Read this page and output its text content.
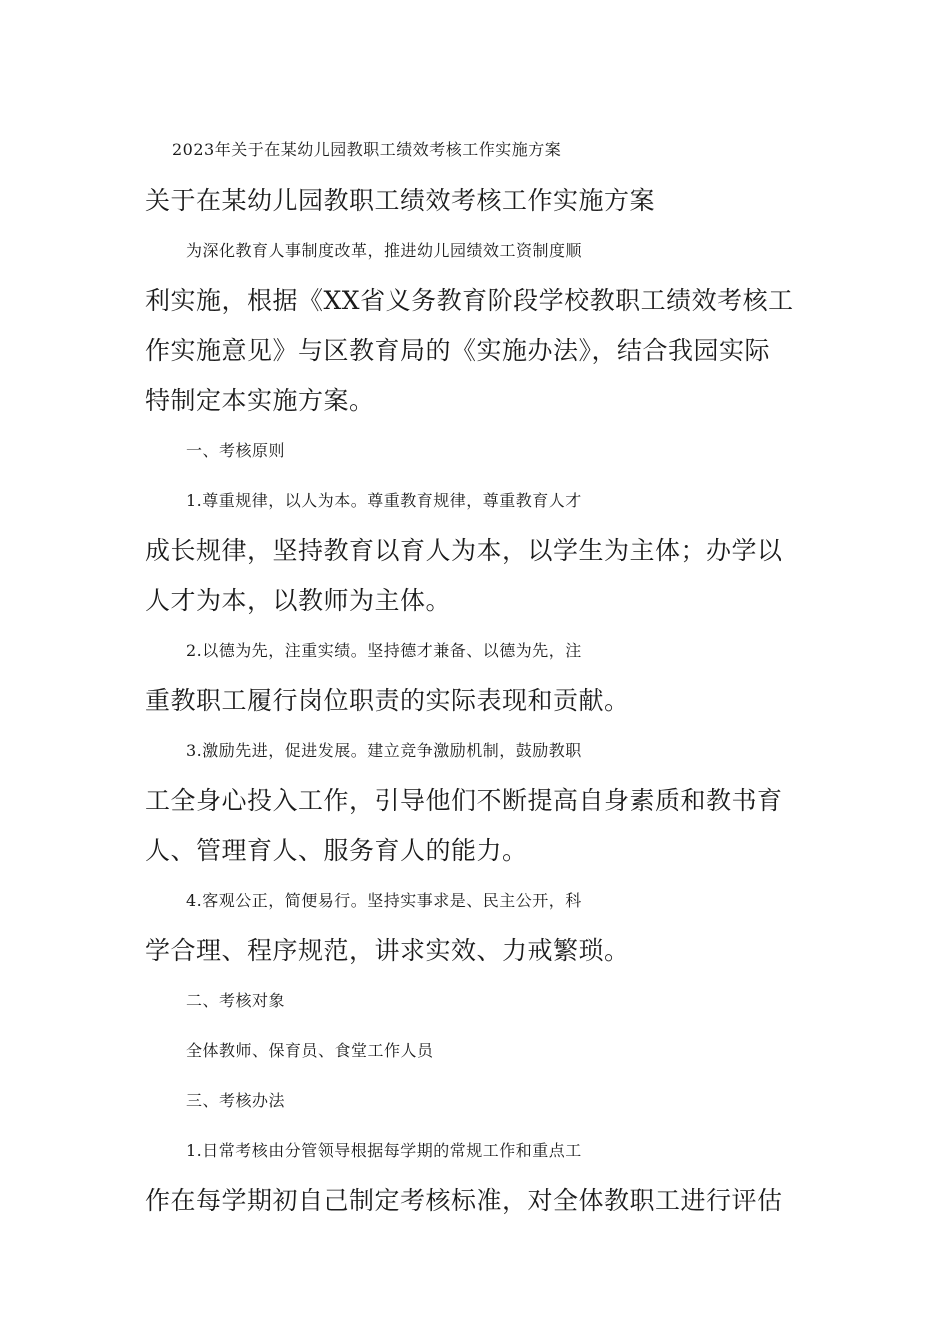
2023年关于在某幼儿园教职工绩效考核工作实施方案
关于在某幼儿园教职工绩效考核工作实施方案
为深化教育人事制度改革，推进幼儿园绩效工资制度顺
利实施，根据《XX省义务教育阶段学校教职工绩效考核工
作实施意见》与区教育局的《实施办法》，结合我园实际
特制定本实施方案。
一、考核原则
1.尊重规律，以人为本。尊重教育规律，尊重教育人才
成长规律，坚持教育以育人为本，以学生为主体；办学以
人才为本，以教师为主体。
2.以德为先，注重实绩。坚持德才兼备、以德为先，注
重教职工履行岗位职责的实际表现和贡献。
3.激励先进，促进发展。建立竞争激励机制，鼓励教职
工全身心投入工作，引导他们不断提高自身素质和教书育
人、管理育人、服务育人的能力。
4.客观公正，简便易行。坚持实事求是、民主公开，科
学合理、程序规范，讲求实效、力戒繁琐。
二、考核对象
全体教师、保育员、食堂工作人员
三、考核办法
1.日常考核由分管领导根据每学期的常规工作和重点工
作在每学期初自己制定考核标准，对全体教职工进行评估
